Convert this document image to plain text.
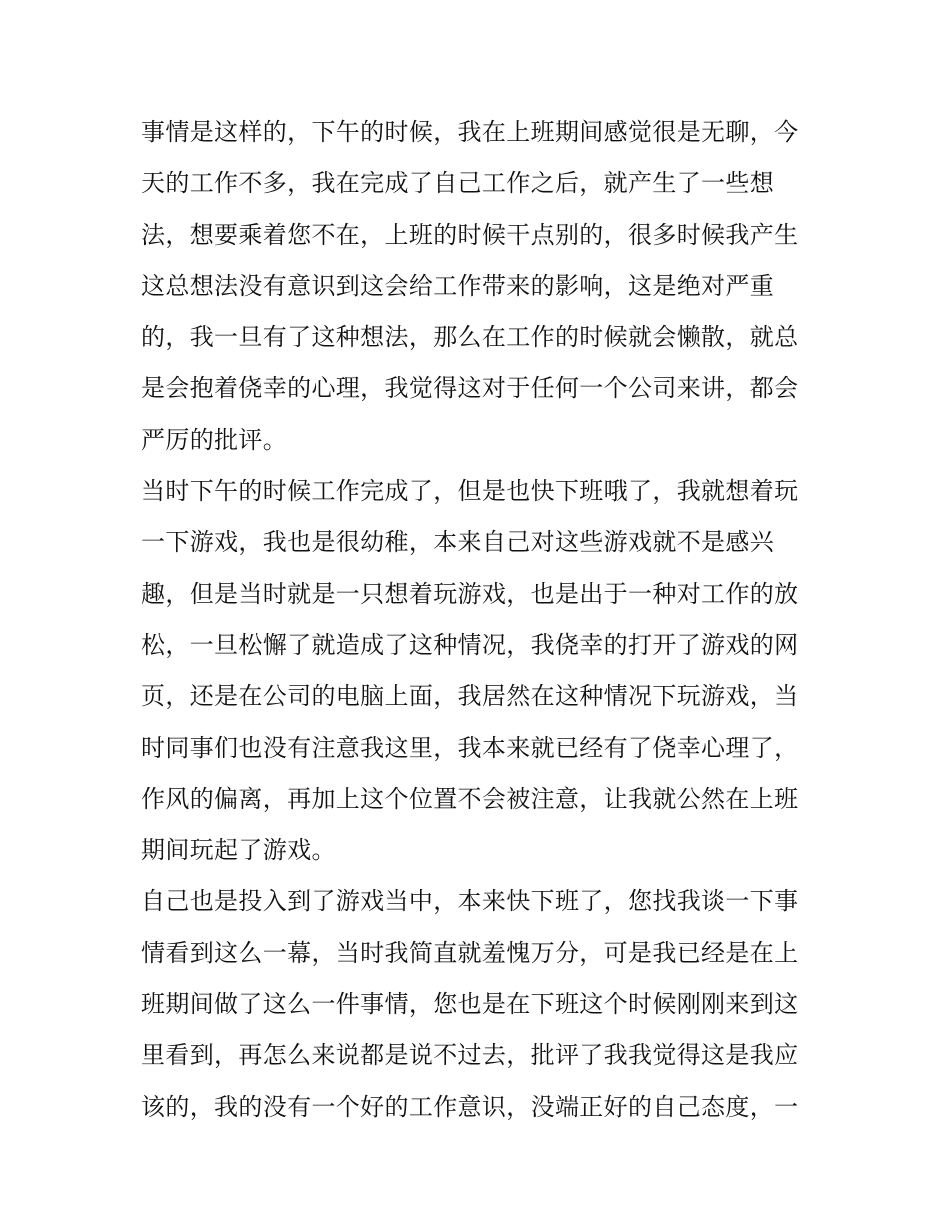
事情是这样的，下午的时候，我在上班期间感觉很是无聊，今
天的工作不多，我在完成了自己工作之后，就产生了一些想
法，想要乘着您不在，上班的时候干点别的，很多时候我产生
这总想法没有意识到这会给工作带来的影响，这是绝对严重
的，我一旦有了这种想法，那么在工作的时候就会懒散，就总
是会抱着侥幸的心理，我觉得这对于任何一个公司来讲，都会
严厉的批评。
当时下午的时候工作完成了，但是也快下班哦了，我就想着玩
一下游戏，我也是很幼稚，本来自己对这些游戏就不是感兴
趣，但是当时就是一只想着玩游戏，也是出于一种对工作的放
松，一旦松懈了就造成了这种情况，我侥幸的打开了游戏的网
页，还是在公司的电脑上面，我居然在这种情况下玩游戏，当
时同事们也没有注意我这里，我本来就已经有了侥幸心理了，
作风的偏离，再加上这个位置不会被注意，让我就公然在上班
期间玩起了游戏。
自己也是投入到了游戏当中，本来快下班了，您找我谈一下事
情看到这么一幕，当时我简直就羞愧万分，可是我已经是在上
班期间做了这么一件事情，您也是在下班这个时候刚刚来到这
里看到，再怎么来说都是说不过去，批评了我我觉得这是我应
该的，我的没有一个好的工作意识，没端正好的自己态度，一
